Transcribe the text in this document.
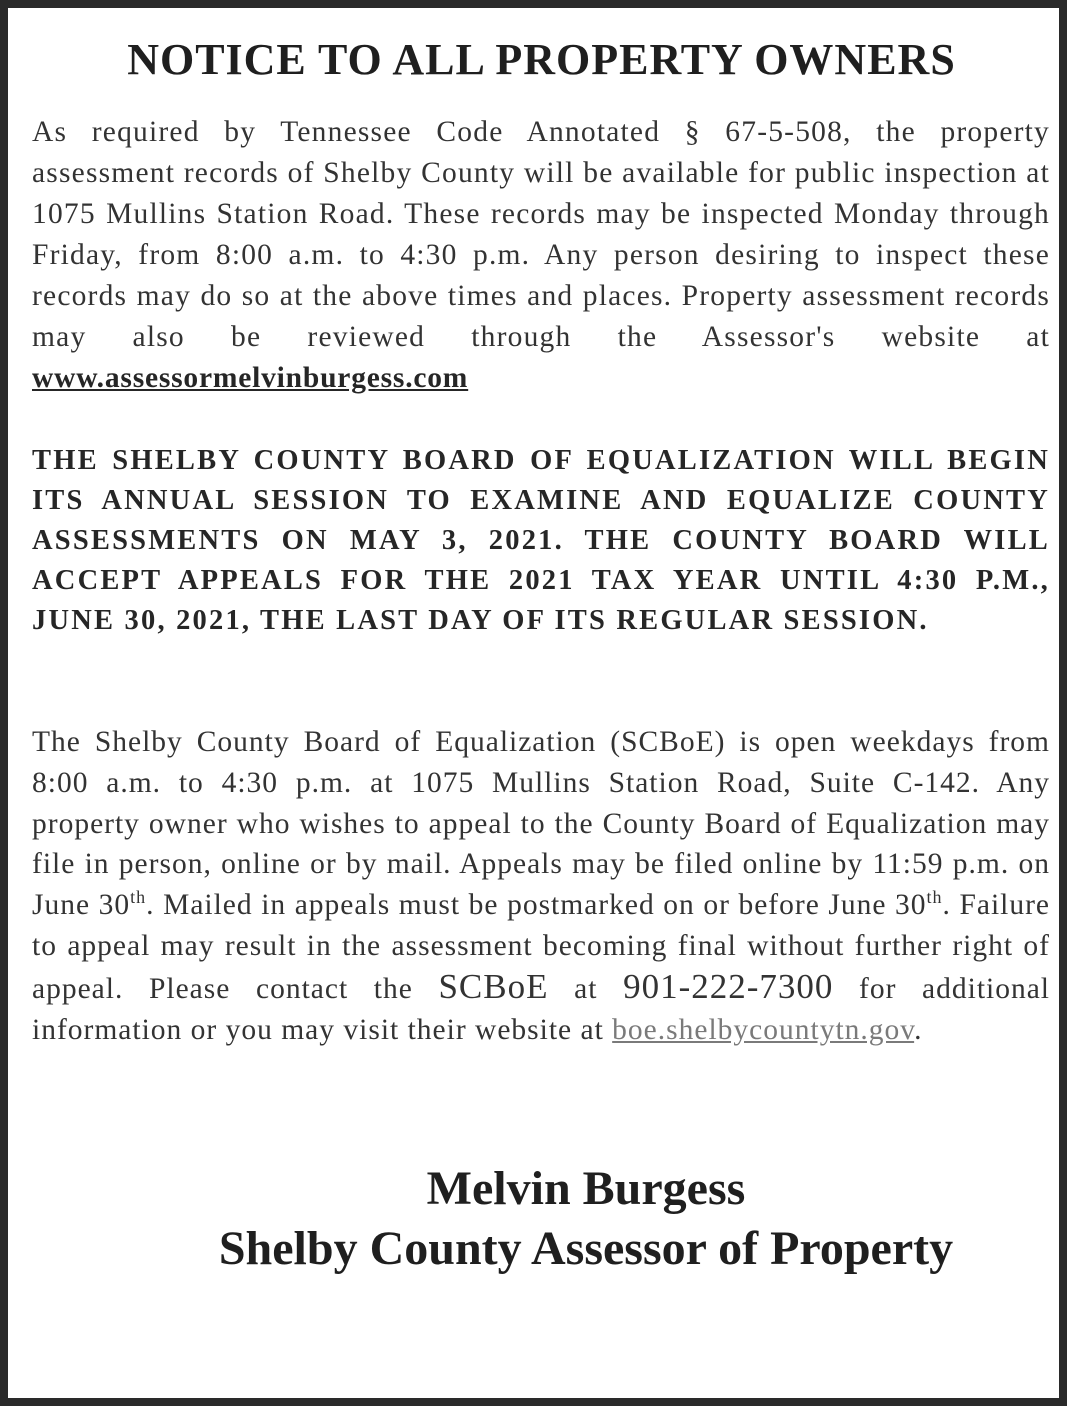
NOTICE TO ALL PROPERTY OWNERS

As required by Tennessee Code Annotated § 67-5-508, the property assessment records of Shelby County will be available for public inspection at 1075 Mullins Station Road. These records may be inspected Monday through Friday, from 8:00 a.m. to 4:30 p.m. Any person desiring to inspect these records may do so at the above times and places. Property assessment records may also be reviewed through the Assessor's website at www.assessormelvinburgess.com

THE SHELBY COUNTY BOARD OF EQUALIZATION WILL BEGIN ITS ANNUAL SESSION TO EXAMINE AND EQUALIZE COUNTY ASSESSMENTS ON MAY 3, 2021. THE COUNTY BOARD WILL ACCEPT APPEALS FOR THE 2021 TAX YEAR UNTIL 4:30 P.M., JUNE 30, 2021, THE LAST DAY OF ITS REGULAR SESSION.

The Shelby County Board of Equalization (SCBoE) is open weekdays from 8:00 a.m. to 4:30 p.m. at 1075 Mullins Station Road, Suite C-142. Any property owner who wishes to appeal to the County Board of Equalization may file in person, online or by mail. Appeals may be filed online by 11:59 p.m. on June 30th. Mailed in appeals must be postmarked on or before June 30th. Failure to appeal may result in the assessment becoming final without further right of appeal. Please contact the SCBoE at 901-222-7300 for additional information or you may visit their website at boe.shelbycountytn.gov.

Melvin Burgess
Shelby County Assessor of Property
